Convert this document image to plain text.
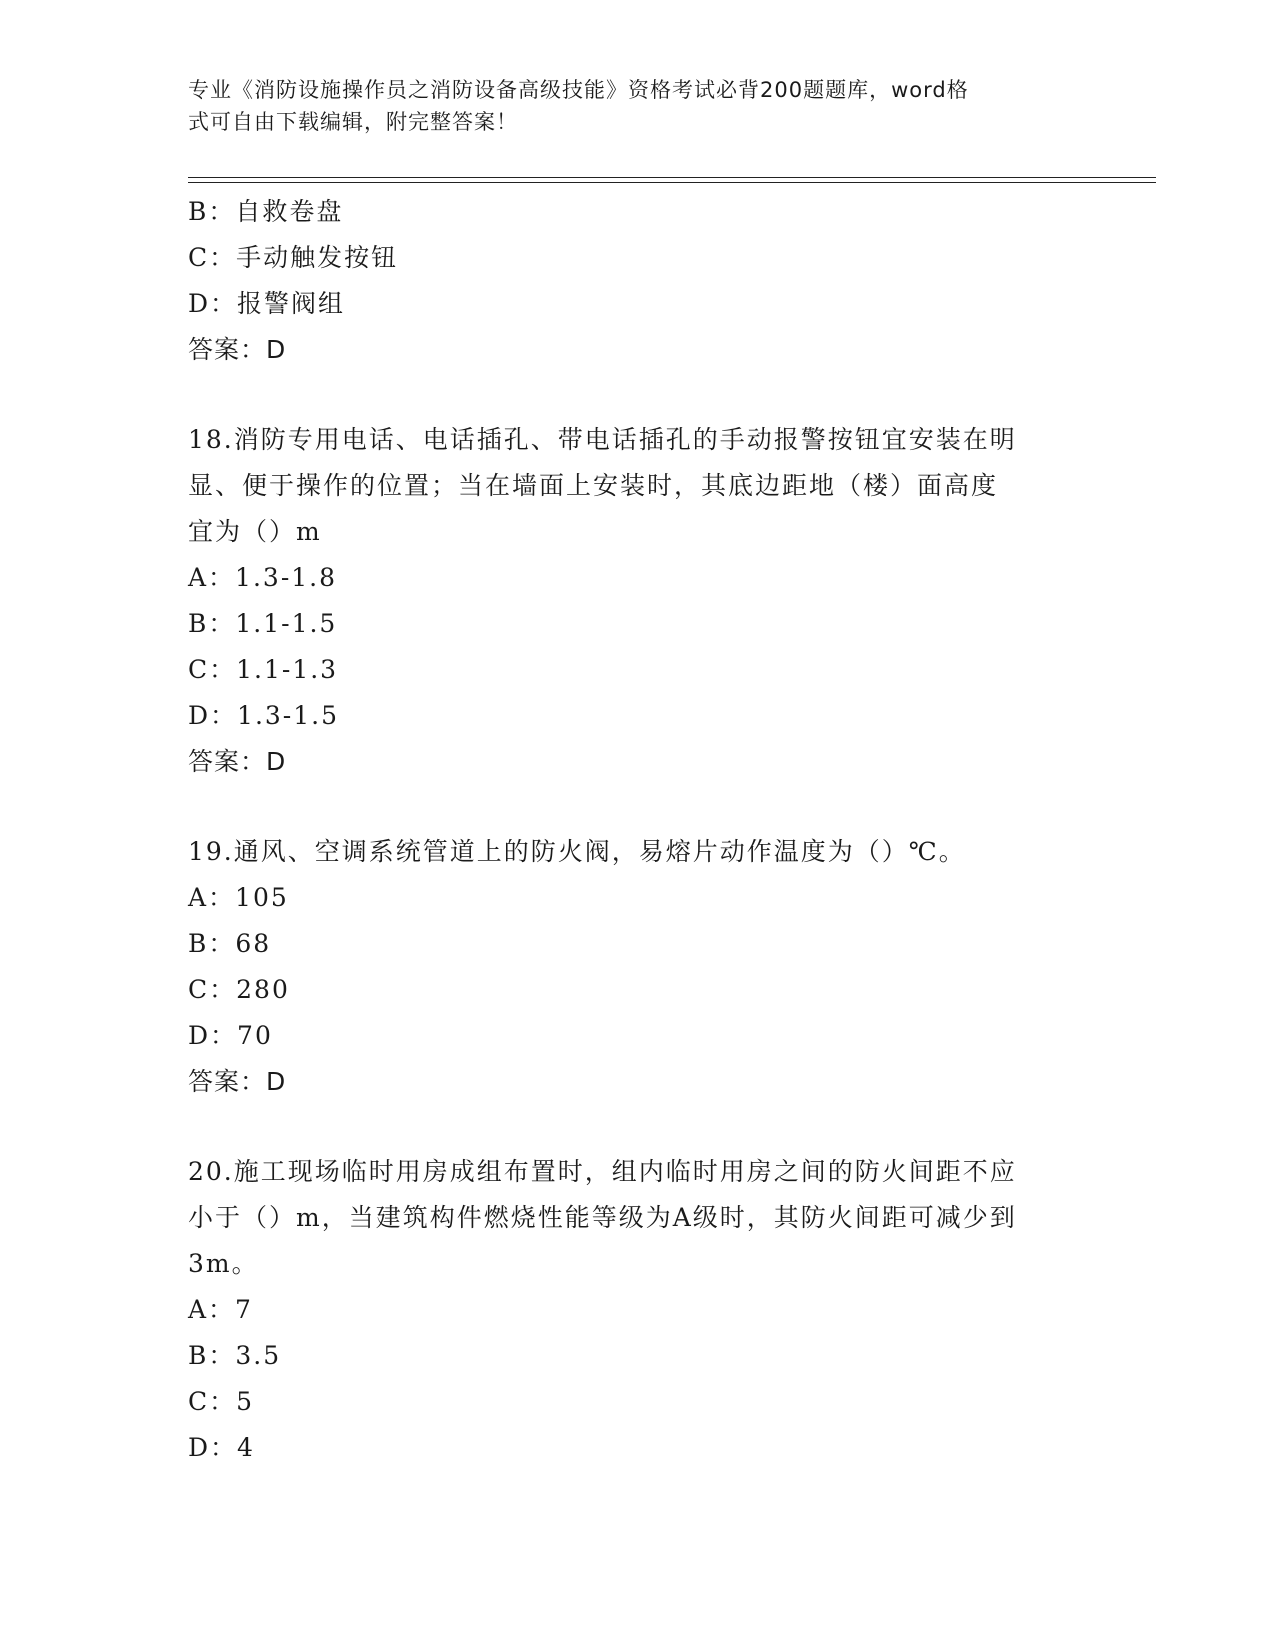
专业《消防设施操作员之消防设备高级技能》资格考试必背200题题库，word格
式可自由下载编辑，附完整答案！
B：自救卷盘
C：手动触发按钮
D：报警阀组
答案：D
18.消防专用电话、电话插孔、带电话插孔的手动报警按钮宜安装在明
显、便于操作的位置；当在墙面上安装时，其底边距地（楼）面高度
宜为（）m
A：1.3-1.8
B：1.1-1.5
C：1.1-1.3
D：1.3-1.5
答案：D
19.通风、空调系统管道上的防火阀，易熔片动作温度为（）℃。
A：105
B：68
C：280
D：70
答案：D
20.施工现场临时用房成组布置时，组内临时用房之间的防火间距不应
小于（）m，当建筑构件燃烧性能等级为A级时，其防火间距可减少到
3m。
A：7
B：3.5
C：5
D：4
